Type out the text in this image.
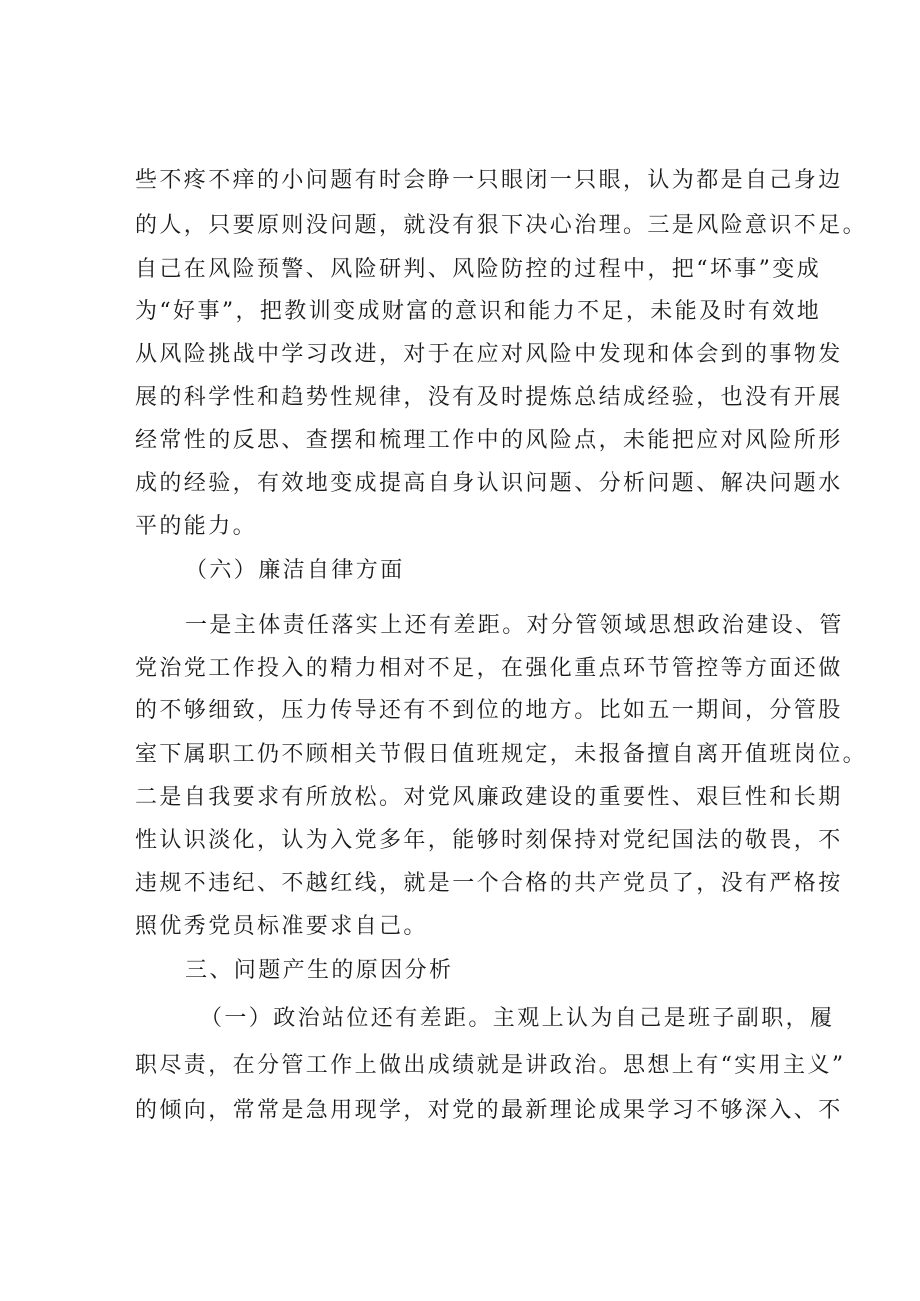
些不疼不痒的小问题有时会睁一只眼闭一只眼，认为都是自己身边
的人，只要原则没问题，就没有狠下决心治理。三是风险意识不足。
自己在风险预警、风险研判、风险防控的过程中，把“坏事”变成
为“好事”，把教训变成财富的意识和能力不足，未能及时有效地
从风险挑战中学习改进，对于在应对风险中发现和体会到的事物发
展的科学性和趋势性规律，没有及时提炼总结成经验，也没有开展
经常性的反思、查摆和梳理工作中的风险点，未能把应对风险所形
成的经验，有效地变成提高自身认识问题、分析问题、解决问题水
平的能力。
（六）廉洁自律方面
一是主体责任落实上还有差距。对分管领域思想政治建设、管
党治党工作投入的精力相对不足，在强化重点环节管控等方面还做
的不够细致，压力传导还有不到位的地方。比如五一期间，分管股
室下属职工仍不顾相关节假日值班规定，未报备擅自离开值班岗位。
二是自我要求有所放松。对党风廉政建设的重要性、艰巨性和长期
性认识淡化，认为入党多年，能够时刻保持对党纪国法的敬畏，不
违规不违纪、不越红线，就是一个合格的共产党员了，没有严格按
照优秀党员标准要求自己。
三、问题产生的原因分析
（一）政治站位还有差距。主观上认为自己是班子副职，履
职尽责，在分管工作上做出成绩就是讲政治。思想上有“实用主义”
的倾向，常常是急用现学，对党的最新理论成果学习不够深入、不
